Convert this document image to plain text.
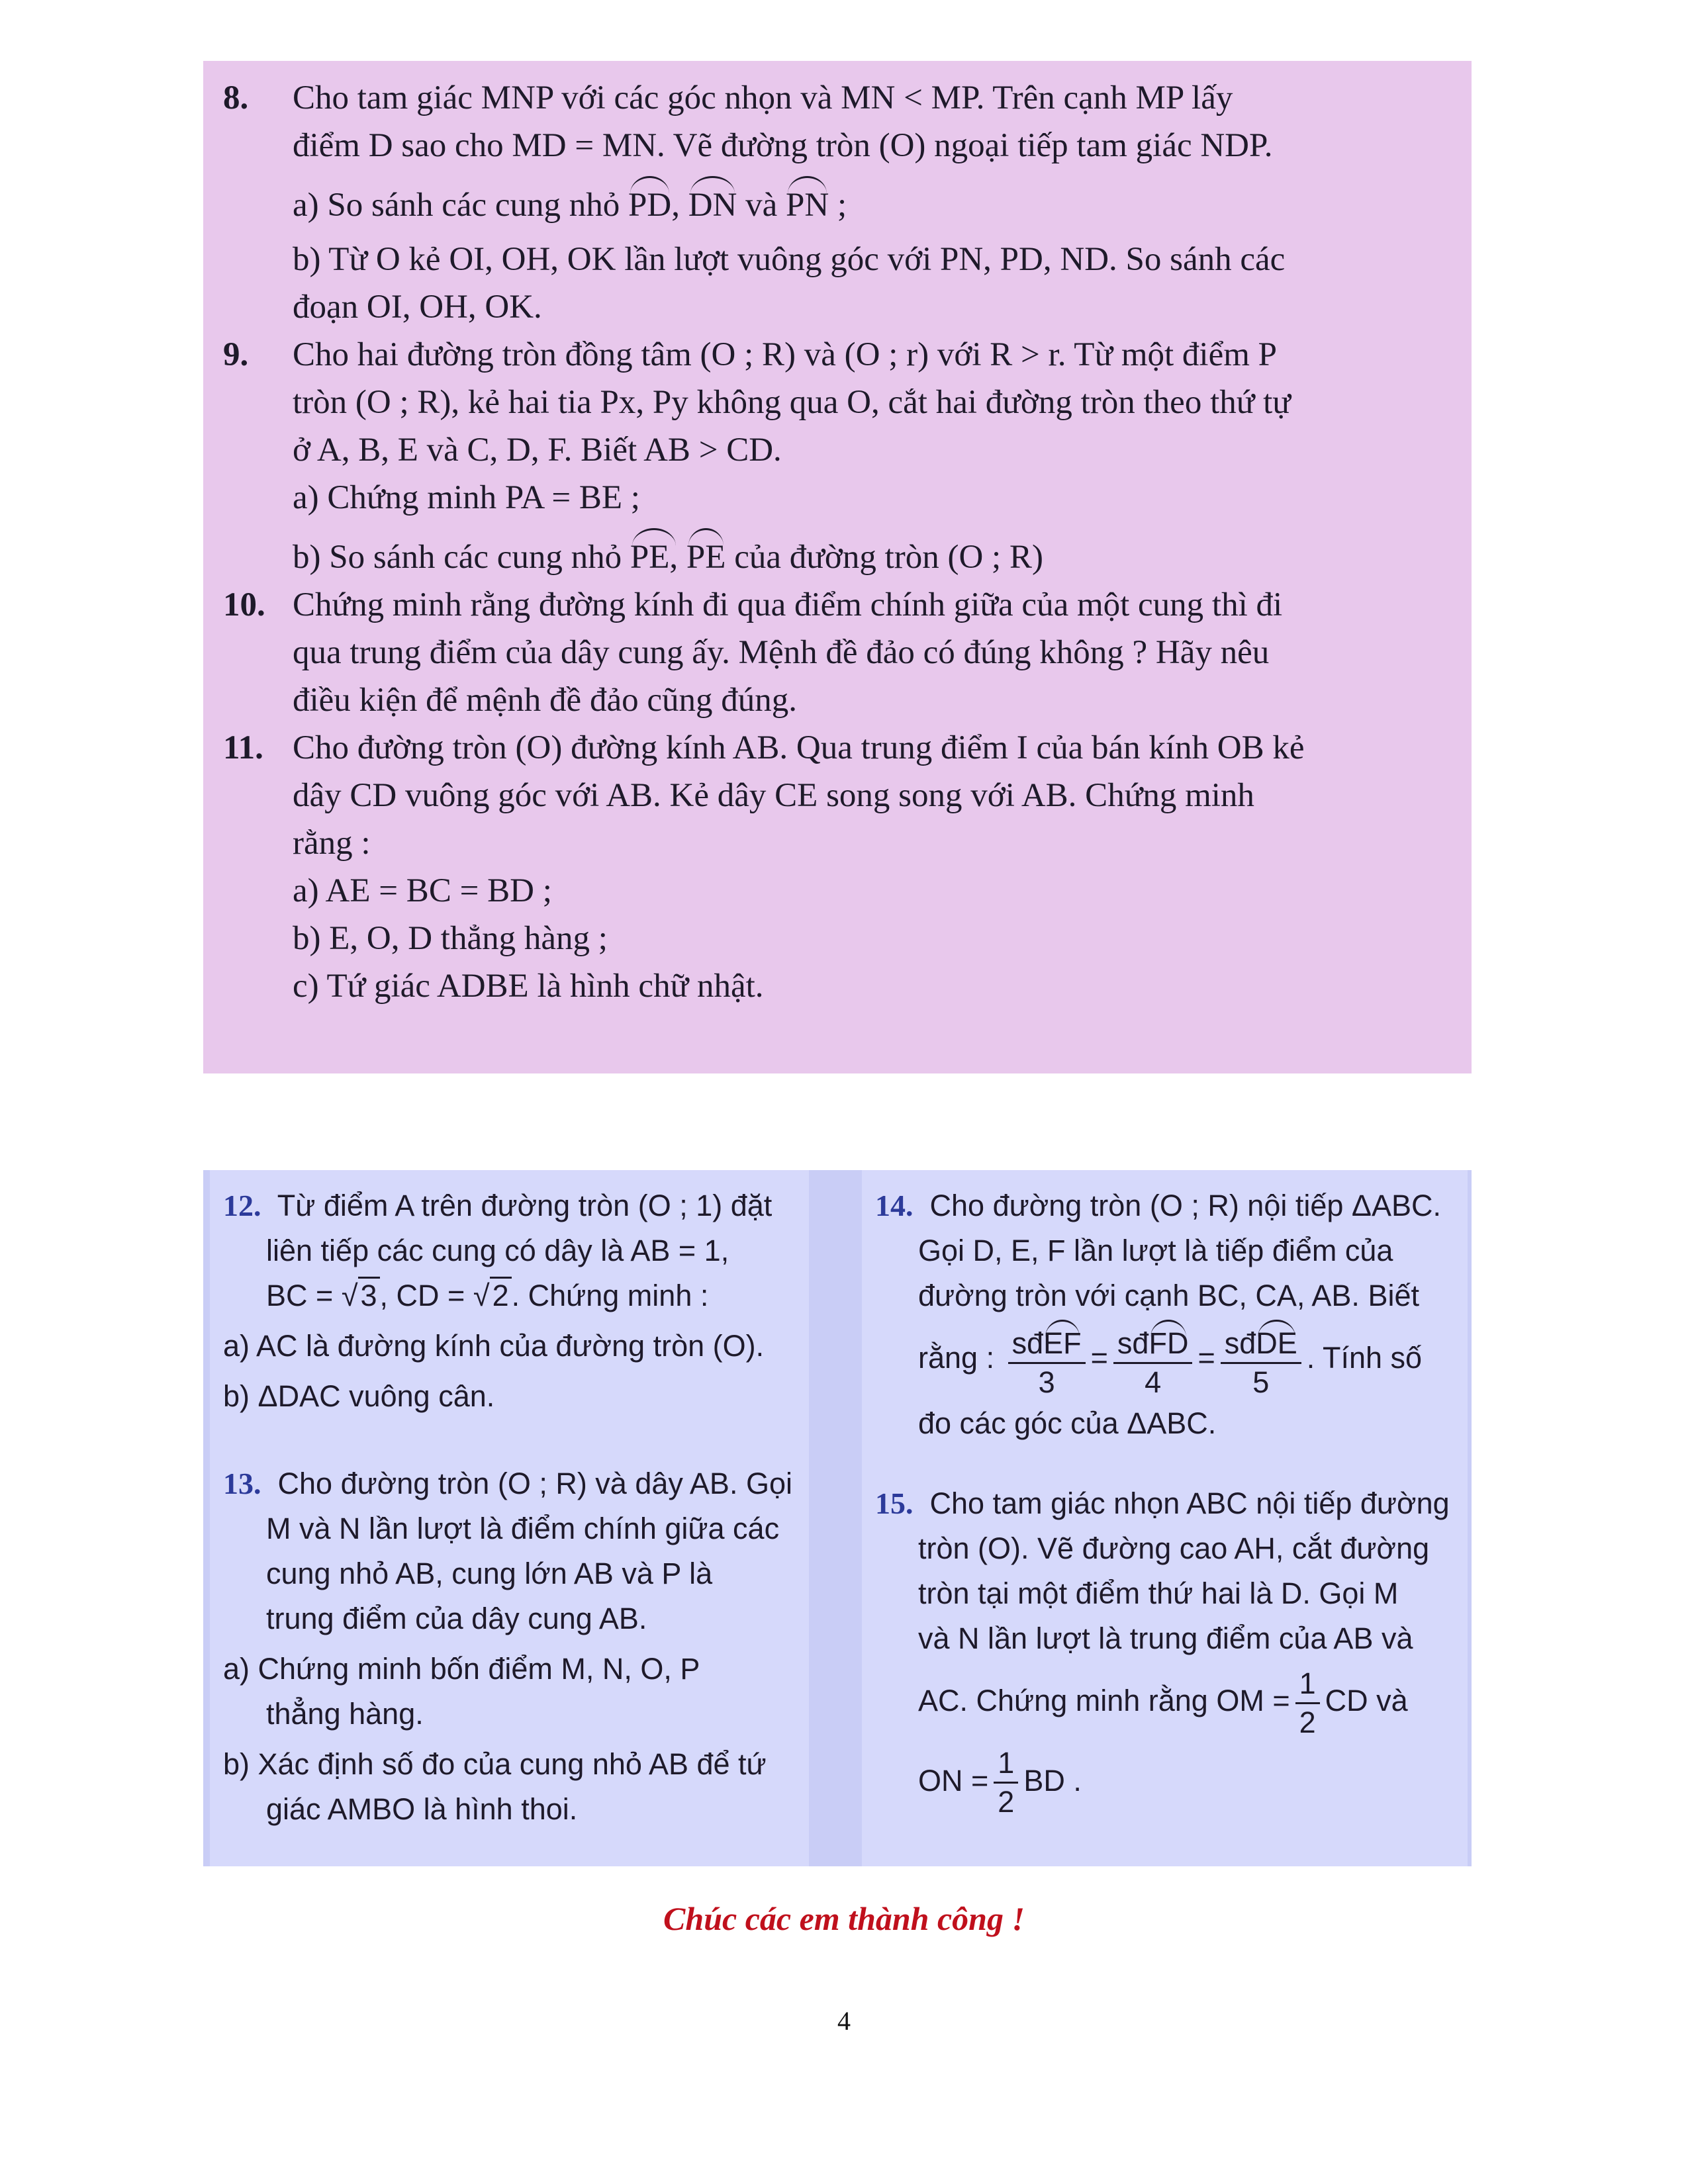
8.	Cho tam giác MNP với các góc nhọn và MN < MP. Trên cạnh MP lấy
điểm D sao cho MD = MN. Vẽ đường tròn (O) ngoại tiếp tam giác NDP.
a) So sánh các cung nhỏ PD, DN và PN ;
b) Từ O kẻ OI, OH, OK lần lượt vuông góc với PN, PD, ND. So sánh các
đoạn OI, OH, OK.
9.	Cho hai đường tròn đồng tâm (O ; R) và (O ; r) với R > r. Từ một điểm P
tròn (O ; R), kẻ hai tia Px, Py không qua O, cắt hai đường tròn theo thứ tự
ở A, B, E và C, D, F. Biết AB > CD.
a) Chứng minh PA = BE ;
b) So sánh các cung nhỏ PE, PE của đường tròn (O ; R)
10. Chứng minh rằng đường kính đi qua điểm chính giữa của một cung thì đi
qua trung điểm của dây cung ấy. Mệnh đề đảo có đúng không ? Hãy nêu
điều kiện để mệnh đề đảo cũng đúng.
11. Cho đường tròn (O) đường kính AB. Qua trung điểm I của bán kính OB kẻ
dây CD vuông góc với AB. Kẻ dây CE song song với AB. Chứng minh
rằng :
a) AE = BC = BD ;
b) E, O, D thẳng hàng ;
c) Tứ giác ADBE là hình chữ nhật.
12. Từ điểm A trên đường tròn (O ; 1) đặt
liên tiếp các cung có dây là AB = 1,
BC = √3, CD = √2. Chứng minh :
a) AC là đường kính của đường tròn (O).
b) ΔDAC vuông cân.
13. Cho đường tròn (O ; R) và dây AB. Gọi
M và N lần lượt là điểm chính giữa các
cung nhỏ AB, cung lớn AB và P là
trung điểm của dây cung AB.
a) Chứng minh bốn điểm M, N, O, P
thẳng hàng.
b) Xác định số đo của cung nhỏ AB để tứ
giác AMBO là hình thoi.
14. Cho đường tròn (O ; R) nội tiếp ΔABC.
Gọi D, E, F lần lượt là tiếp điểm của
đường tròn với cạnh BC, CA, AB. Biết
rằng : $\frac{\text{sđEF}}{3} = \frac{\text{sđFD}}{4} = \frac{\text{sđDE}}{5}$ . Tính số
đo các góc của ΔABC.
15. Cho tam giác nhọn ABC nội tiếp đường
tròn (O). Vẽ đường cao AH, cắt đường
tròn tại một điểm thứ hai là D. Gọi M
và N lần lượt là trung điểm của AB và
AC. Chứng minh rằng OM = $\frac{1}{2}$ CD và
ON = $\frac{1}{2}$ BD .
Chúc các em thành công !
4
